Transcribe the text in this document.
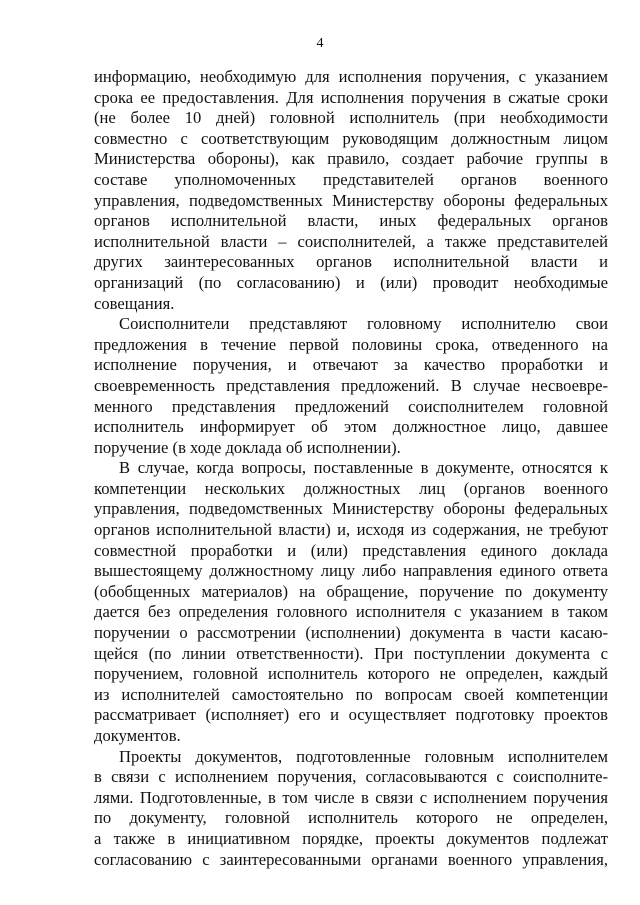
4
информацию, необходимую для исполнения поручения, с указанием
срока ее предоставления. Для исполнения поручения в сжатые сроки
(не более 10 дней) головной исполнитель (при необходимости
совместно с соответствующим руководящим должностным лицом
Министерства обороны), как правило, создает рабочие группы в
составе уполномоченных представителей органов военного
управления, подведомственных Министерству обороны федеральных
органов исполнительной власти, иных федеральных органов
исполнительной власти – соисполнителей, а также представителей
других заинтересованных органов исполнительной власти и
организаций (по согласованию) и (или) проводит необходимые
совещания.
Соисполнители представляют головному исполнителю свои
предложения в течение первой половины срока, отведенного на
исполнение поручения, и отвечают за качество проработки и
своевременность представления предложений. В случае несвоевре-
менного представления предложений соисполнителем головной
исполнитель информирует об этом должностное лицо, давшее
поручение (в ходе доклада об исполнении).
В случае, когда вопросы, поставленные в документе, относятся к
компетенции нескольких должностных лиц (органов военного
управления, подведомственных Министерству обороны федеральных
органов исполнительной власти) и, исходя из содержания, не требуют
совместной проработки и (или) представления единого доклада
вышестоящему должностному лицу либо направления единого ответа
(обобщенных материалов) на обращение, поручение по документу
дается без определения головного исполнителя с указанием в таком
поручении о рассмотрении (исполнении) документа в части касаю-
щейся (по линии ответственности). При поступлении документа с
поручением, головной исполнитель которого не определен, каждый
из исполнителей самостоятельно по вопросам своей компетенции
рассматривает (исполняет) его и осуществляет подготовку проектов
документов.
Проекты документов, подготовленные головным исполнителем
в связи с исполнением поручения, согласовываются с соисполните-
лями. Подготовленные, в том числе в связи с исполнением поручения
по документу, головной исполнитель которого не определен,
а также в инициативном порядке, проекты документов подлежат
согласованию с заинтересованными органами военного управления,
